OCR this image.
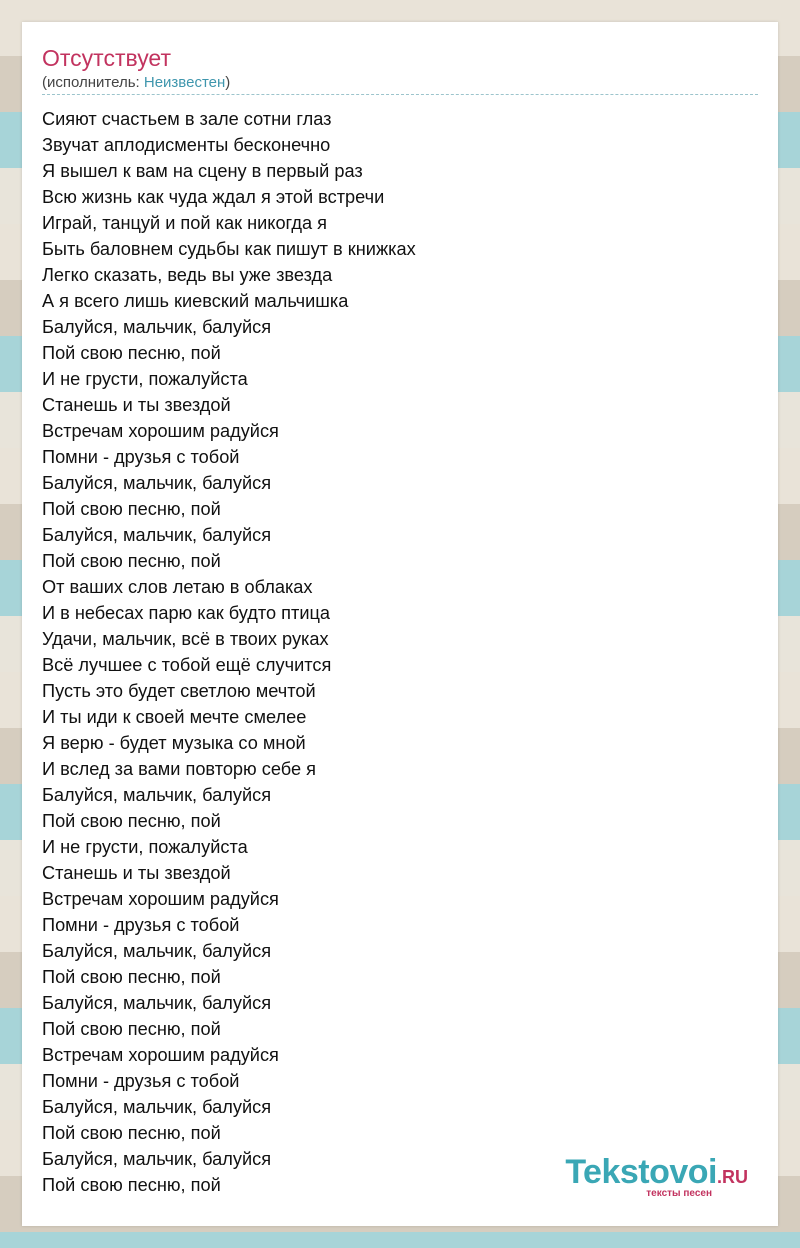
Отсутствует
(исполнитель: Неизвестен)
Сияют счастьем в зале сотни глаз
Звучат аплодисменты бесконечно
Я вышел к вам на сцену в первый раз
Всю жизнь как чуда ждал я этой встречи
Играй, танцуй и пой как никогда я
Быть баловнем судьбы как пишут в книжках
Легко сказать, ведь вы уже звезда
А я всего лишь киевский мальчишка
Балуйся, мальчик, балуйся
Пой свою песню, пой
И не грусти, пожалуйста
Станешь и ты звездой
Встречам хорошим радуйся
Помни - друзья с тобой
Балуйся, мальчик, балуйся
Пой свою песню, пой
Балуйся, мальчик, балуйся
Пой свою песню, пой
От ваших слов летаю в облаках
И в небесах парю как будто птица
Удачи, мальчик, всё в твоих руках
Всё лучшее с тобой ещё случится
Пусть это будет светлою мечтой
И ты иди к своей мечте смелее
Я верю - будет музыка со мной
И вслед за вами повторю себе я
Балуйся, мальчик, балуйся
Пой свою песню, пой
И не грусти, пожалуйста
Станешь и ты звездой
Встречам хорошим радуйся
Помни - друзья с тобой
Балуйся, мальчик, балуйся
Пой свою песню, пой
Балуйся, мальчик, балуйся
Пой свою песню, пой
Встречам хорошим радуйся
Помни - друзья с тобой
Балуйся, мальчик, балуйся
Пой свою песню, пой
Балуйся, мальчик, балуйся
Пой свою песню, пой	Tekstovoi.RU
тексты песен
